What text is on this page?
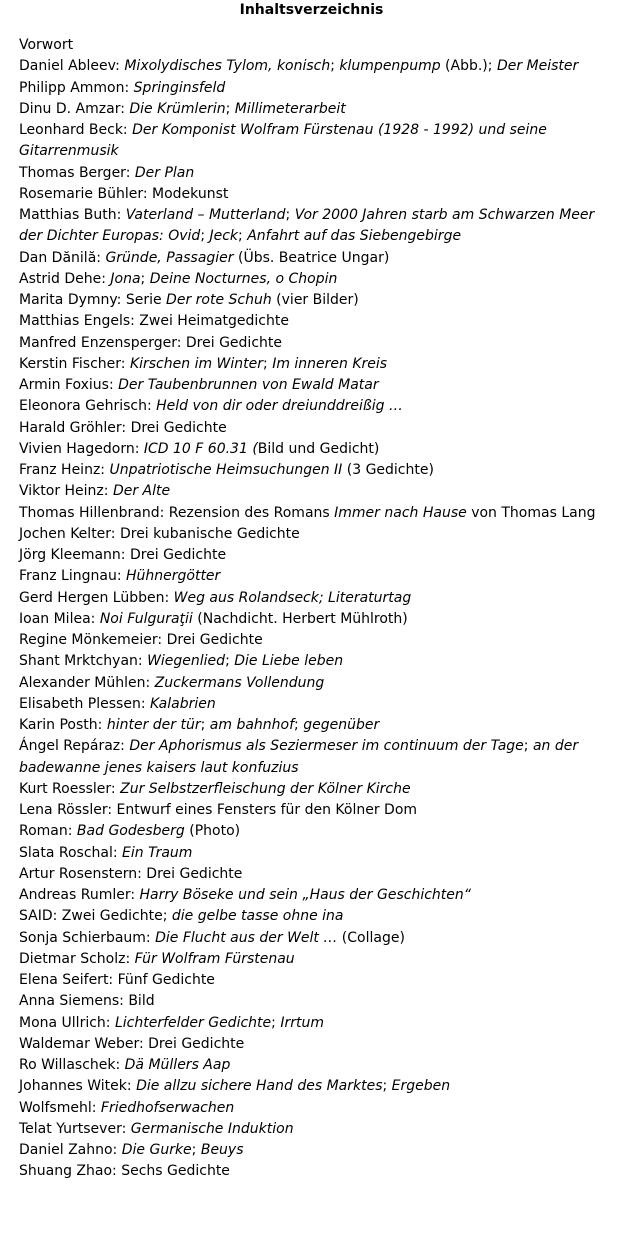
Inhaltsverzeichnis
Vorwort
Daniel Ableev: Mixolydisches Tylom, konisch; klumpenpump (Abb.); Der Meister
Philipp Ammon: Springinsfeld
Dinu D. Amzar: Die Krümlerin; Millimeterarbeit
Leonhard Beck: Der Komponist Wolfram Fürstenau (1928 - 1992) und seine Gitarrenmusik
Thomas Berger: Der Plan
Rosemarie Bühler: Modekunst
Matthias Buth: Vaterland – Mutterland; Vor 2000 Jahren starb am Schwarzen Meer der Dichter Europas: Ovid; Jeck; Anfahrt auf das Siebengebirge
Dan Dănilă: Gründe, Passagier (Übs. Beatrice Ungar)
Astrid Dehe: Jona; Deine Nocturnes, o Chopin
Marita Dymny: Serie Der rote Schuh (vier Bilder)
Matthias Engels: Zwei Heimatgedichte
Manfred Enzensperger: Drei Gedichte
Kerstin Fischer: Kirschen im Winter; Im inneren Kreis
Armin Foxius: Der Taubenbrunnen von Ewald Matar
Eleonora Gehrisch: Held von dir oder dreiunddreißig …
Harald Gröhler: Drei Gedichte
Vivien Hagedorn: ICD 10 F 60.31 (Bild und Gedicht)
Franz Heinz: Unpatriotische Heimsuchungen II (3 Gedichte)
Viktor Heinz: Der Alte
Thomas Hillenbrand: Rezension des Romans Immer nach Hause von Thomas Lang
Jochen Kelter: Drei kubanische Gedichte
Jörg Kleemann: Drei Gedichte
Franz Lingnau: Hühnergötter
Gerd Hergen Lübben: Weg aus Rolandseck; Literaturtag
Ioan Milea: Noi Fulguraţii (Nachdicht. Herbert Mühlroth)
Regine Mönkemeier: Drei Gedichte
Shant Mrktchyan: Wiegenlied; Die Liebe leben
Alexander Mühlen: Zuckermans Vollendung
Elisabeth Plessen: Kalabrien
Karin Posth: hinter der tür; am bahnhof; gegenüber
Ángel Repáraz: Der Aphorismus als Seziermeser im continuum der Tage; an der badewanne jenes kaisers laut konfuzius
Kurt Roessler: Zur Selbstzerfleischung der Kölner Kirche
Lena Rössler: Entwurf eines Fensters für den Kölner Dom
Roman: Bad Godesberg (Photo)
Slata Roschal: Ein Traum
Artur Rosenstern: Drei Gedichte
Andreas Rumler: Harry Böseke und sein „Haus der Geschichten“
SAID: Zwei Gedichte; die gelbe tasse ohne ina
Sonja Schierbaum: Die Flucht aus der Welt … (Collage)
Dietmar Scholz: Für Wolfram Fürstenau
Elena Seifert: Fünf Gedichte
Anna Siemens: Bild
Mona Ullrich: Lichterfelder Gedichte; Irrtum
Waldemar Weber: Drei Gedichte
Ro Willaschek: Dä Müllers Aap
Johannes Witek: Die allzu sichere Hand des Marktes; Ergeben
Wolfsmehl: Friedhofserwachen
Telat Yurtsever: Germanische Induktion
Daniel Zahno: Die Gurke; Beuys
Shuang Zhao: Sechs Gedichte
